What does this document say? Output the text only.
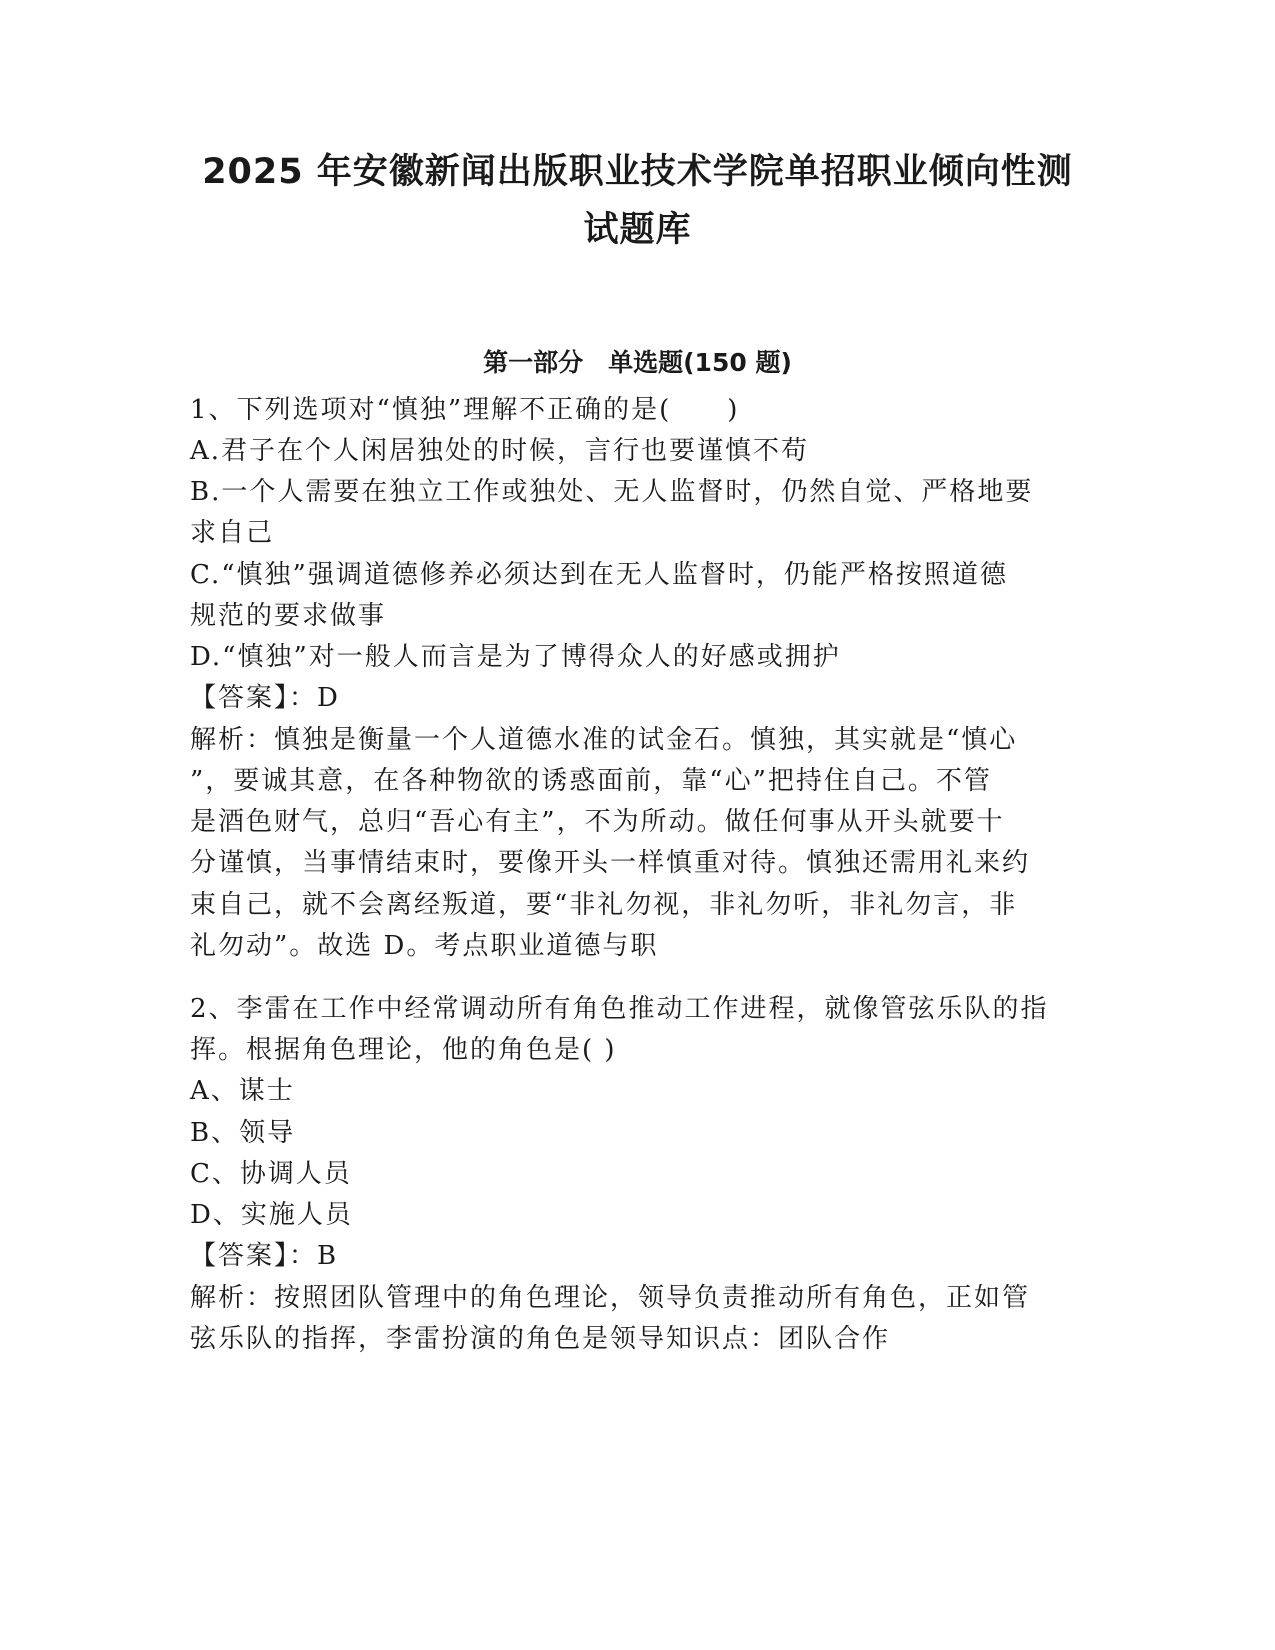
2025 年安徽新闻出版职业技术学院单招职业倾向性测
试题库
第一部分　单选题(150 题)
1、下列选项对“慎独”理解不正确的是(　　)
A.君子在个人闲居独处的时候，言行也要谨慎不苟
B.一个人需要在独立工作或独处、无人监督时，仍然自觉、严格地要
求自己
C.“慎独”强调道德修养必须达到在无人监督时，仍能严格按照道德
规范的要求做事
D.“慎独”对一般人而言是为了博得众人的好感或拥护
【答案】：D
解析：慎独是衡量一个人道德水准的试金石。慎独，其实就是“慎心
”，要诚其意，在各种物欲的诱惑面前，靠“心”把持住自己。不管
是酒色财气，总归“吾心有主”，不为所动。做任何事从开头就要十
分谨慎，当事情结束时，要像开头一样慎重对待。慎独还需用礼来约
束自己，就不会离经叛道，要“非礼勿视，非礼勿听，非礼勿言，非
礼勿动”。故选 D。考点职业道德与职
2、李雷在工作中经常调动所有角色推动工作进程，就像管弦乐队的指
挥。根据角色理论，他的角色是( )
A、谋士
B、领导
C、协调人员
D、实施人员
【答案】：B
解析：按照团队管理中的角色理论，领导负责推动所有角色，正如管
弦乐队的指挥，李雷扮演的角色是领导知识点：团队合作
